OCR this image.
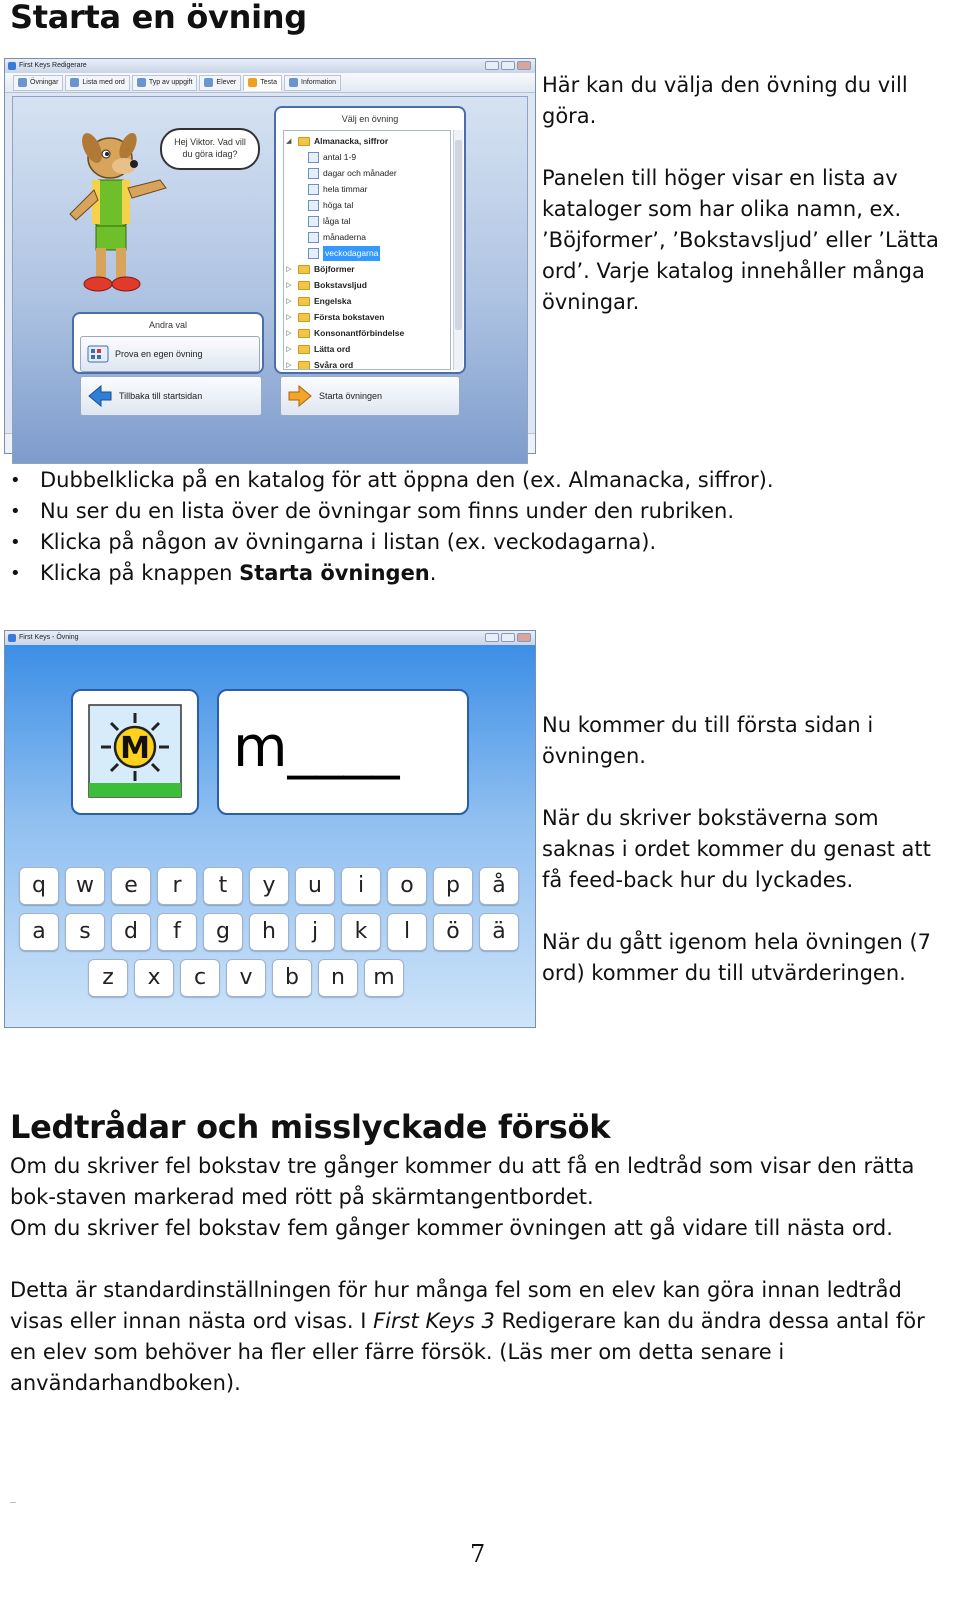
Starta en övning
First Keys Redigerare
Övningar	Lista med ord	Typ av uppgift	Elever	Testa	Information
Hej Viktor. Vad vill du göra idag?
Andra val
Prova en egen övning
Tillbaka till startsidan
Välj en övning
◢	Almanacka, siffror
antal 1-9
dagar och månader
hela timmar
höga tal
låga tal
månaderna
veckodagarna
▷	Böjformer
▷	Bokstavsljud
▷	Engelska
▷	Första bokstaven
▷	Konsonantförbindelse
▷	Lätta ord
▷	Svåra ord
Starta övningen

Här kan du välja den övning du vill göra.

Panelen till höger visar en lista av kataloger som har olika namn, ex. ’Böjformer’, ’Bokstavsljud’ eller ’Lätta ord’. Varje katalog innehåller många övningar.

• Dubbelklicka på en katalog för att öppna den (ex. Almanacka, siffror).
• Nu ser du en lista över de övningar som finns under den rubriken.
• Klicka på någon av övningarna i listan (ex. veckodagarna).
• Klicka på knappen Starta övningen.
First Keys - Övning
M m____
q	w	e	r	t	y	u	i	o	p	å
a	s	d	f	g	h	j	k	l	ö	ä
z	x	c	v	b	n	m

Nu kommer du till första sidan i övningen.

När du skriver bokstäverna som saknas i ordet kommer du genast att få feed-back hur du lyckades.

När du gått igenom hela övningen (7 ord) kommer du till utvärderingen.

Ledtrådar och misslyckade försök

Om du skriver fel bokstav tre gånger kommer du att få en ledtråd som visar den rätta bok-staven markerad med rött på skärmtangentbordet.

Om du skriver fel bokstav fem gånger kommer övningen att gå vidare till nästa ord.

Detta är standardinställningen för hur många fel som en elev kan göra innan ledtråd visas eller innan nästa ord visas. I First Keys 3 Redigerare kan du ändra dessa antal för en elev som behöver ha fler eller färre försök. (Läs mer om detta senare i användarhandboken).

7
